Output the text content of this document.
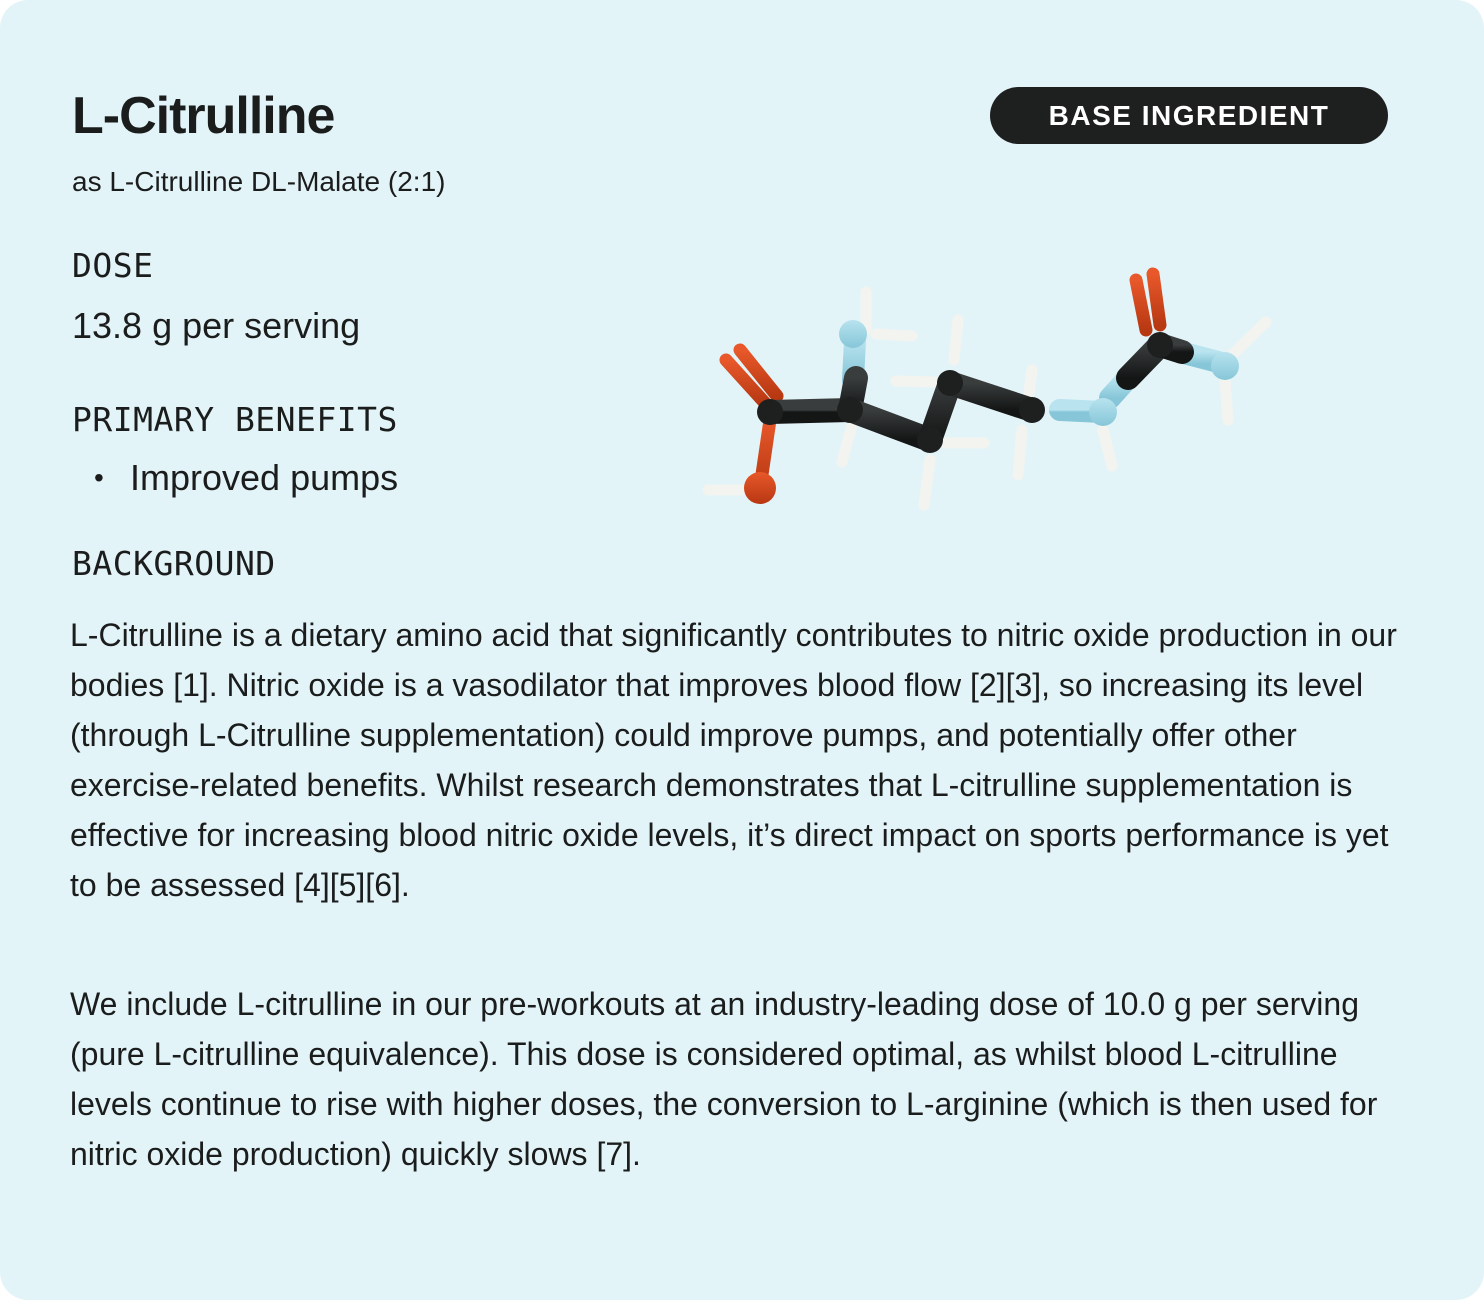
L-Citrulline
as L-Citrulline DL-Malate (2:1)
BASE INGREDIENT
DOSE
13.8 g per serving
PRIMARY BENEFITS
• Improved pumps
BACKGROUND

L-Citrulline is a dietary amino acid that significantly contributes to nitric oxide production in our bodies [1]. Nitric oxide is a vasodilator that improves blood flow [2][3], so increasing its level (through L-Citrulline supplementation) could improve pumps, and potentially offer other exercise-related benefits. Whilst research demonstrates that L-citrulline supplementation is effective for increasing blood nitric oxide levels, it’s direct impact on sports performance is yet to be assessed [4][5][6].

We include L-citrulline in our pre-workouts at an industry-leading dose of 10.0 g per serving (pure L-citrulline equivalence). This dose is considered optimal, as whilst blood L-citrulline levels continue to rise with higher doses, the conversion to L-arginine (which is then used for nitric oxide production) quickly slows [7].
